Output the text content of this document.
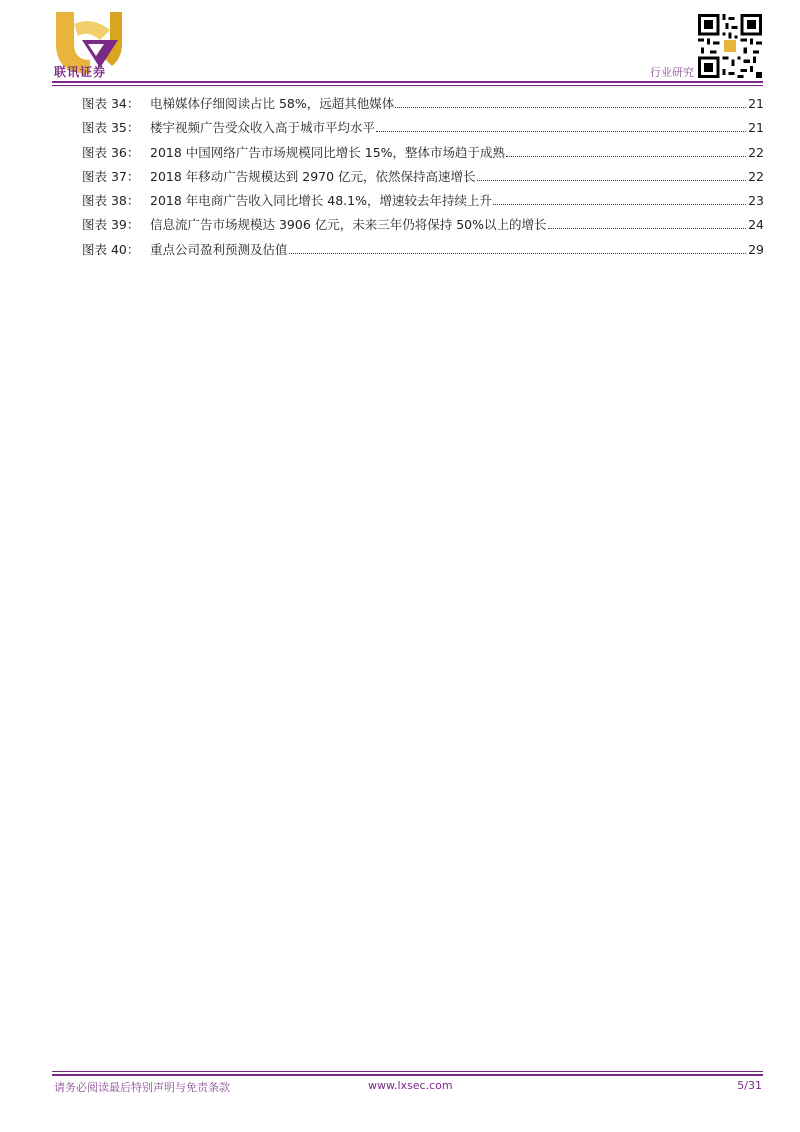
联讯证券	行业研究
图表 34： 电梯媒体仔细阅读占比 58%，远超其他媒体	21
图表 35： 楼宇视频广告受众收入高于城市平均水平	21
图表 36： 2018 中国网络广告市场规模同比增长 15%，整体市场趋于成熟	22
图表 37： 2018 年移动广告规模达到 2970 亿元，依然保持高速增长	22
图表 38： 2018 年电商广告收入同比增长 48.1%，增速较去年持续上升	23
图表 39： 信息流广告市场规模达 3906 亿元，未来三年仍将保持 50%以上的增长	24
图表 40： 重点公司盈利预测及估值	29
请务必阅读最后特别声明与免责条款	www.lxsec.com	5/31
